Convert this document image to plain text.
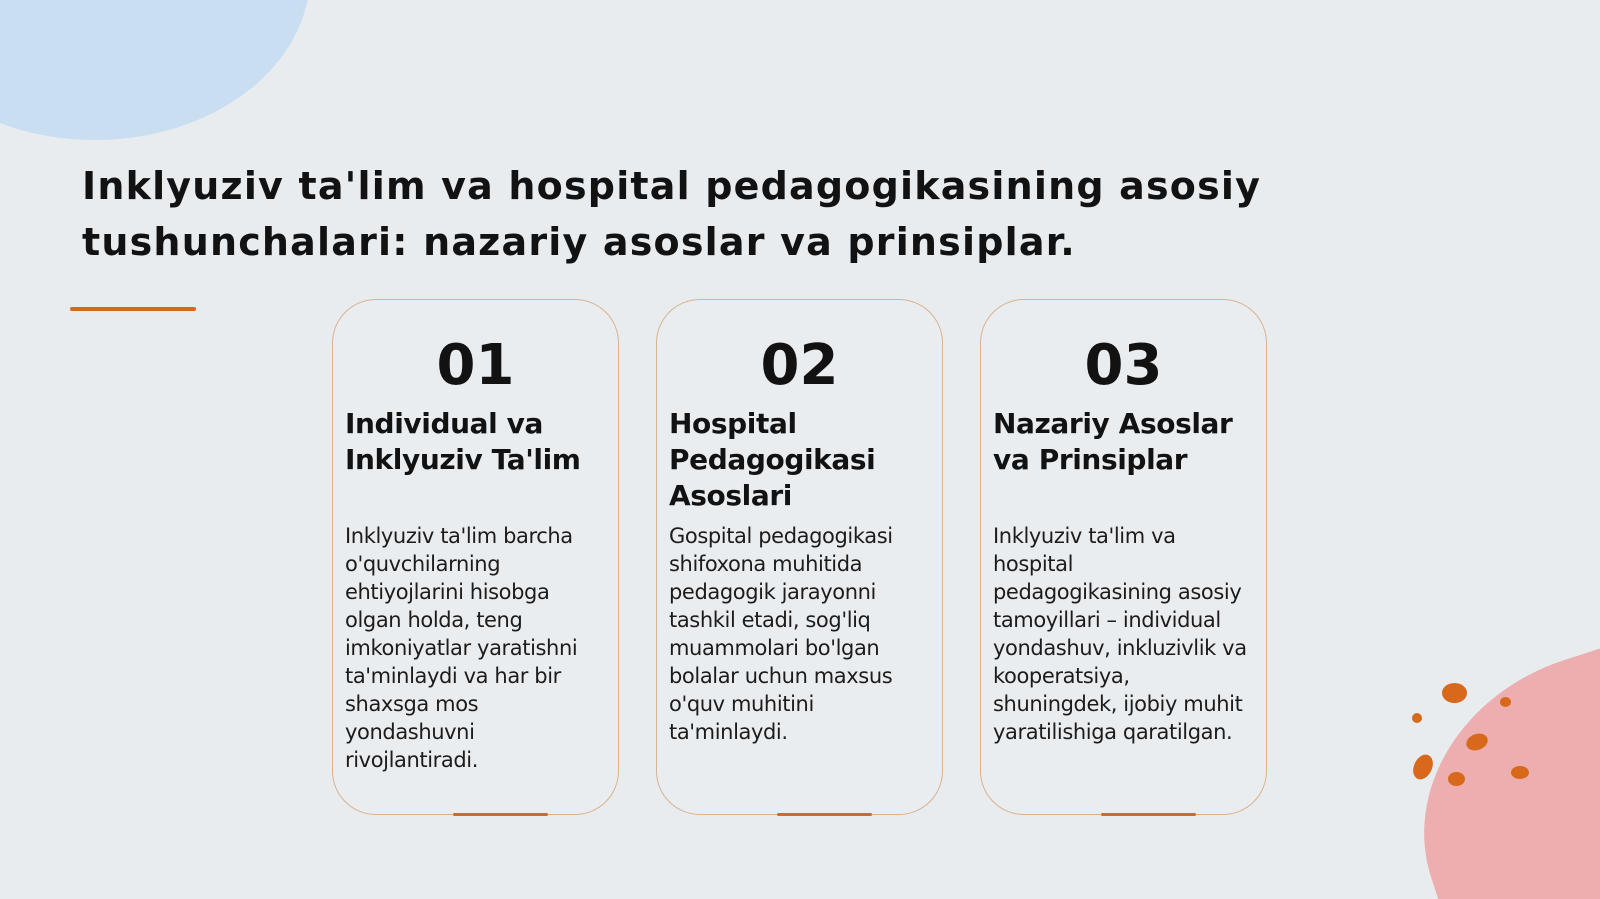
Inklyuziv ta'lim va hospital pedagogikasining asosiy tushunchalari: nazariy asoslar va prinsiplar.
01
Individual va Inklyuziv Ta'lim
Inklyuziv ta'lim barcha o'quvchilarning ehtiyojlarini hisobga olgan holda, teng imkoniyatlar yaratishni ta'minlaydi va har bir shaxsga mos yondashuvni rivojlantiradi.
02
Hospital Pedagogikasi Asoslari
Gospital pedagogikasi shifoxona muhitida pedagogik jarayonni tashkil etadi, sog'liq muammolari bo'lgan bolalar uchun maxsus o'quv muhitini ta'minlaydi.
03
Nazariy Asoslar va Prinsiplar
Inklyuziv ta'lim va hospital pedagogikasining asosiy tamoyillari – individual yondashuv, inkluzivlik va kooperatsiya, shuningdek, ijobiy muhit yaratilishiga qaratilgan.
